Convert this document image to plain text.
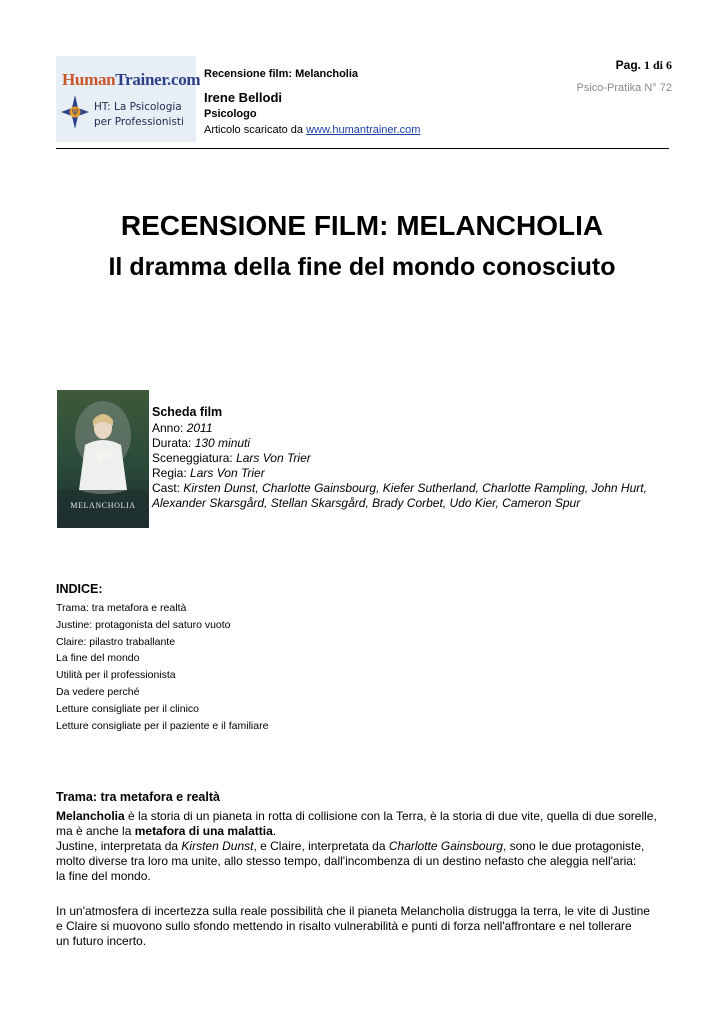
HumanTrainer.com
Ψ HT: La Psicologia
per Professionisti
Recensione film: Melancholia
Irene Bellodi
Psicologo
Articolo scaricato da www.humantrainer.com
Pag. 1 di 6
Psico-Pratika N° 72
RECENSIONE FILM: MELANCHOLIA
Il dramma della fine del mondo conosciuto
MELANCHOLIA
Scheda film
Anno: 2011
Durata: 130 minuti
Sceneggiatura: Lars Von Trier
Regia: Lars Von Trier
Cast: Kirsten Dunst, Charlotte Gainsbourg, Kiefer Sutherland, Charlotte Rampling, John Hurt,
Alexander Skarsgård, Stellan Skarsgård, Brady Corbet, Udo Kier, Cameron Spur
INDICE:
Trama: tra metafora e realtà
Justine: protagonista del saturo vuoto
Claire: pilastro traballante
La fine del mondo
Utilità per il professionista
Da vedere perché
Letture consigliate per il clinico
Letture consigliate per il paziente e il familiare
Trama: tra metafora e realtà
Melancholia è la storia di un pianeta in rotta di collisione con la Terra, è la storia di due vite, quella di due sorelle,
ma è anche la metafora di una malattia.
Justine, interpretata da Kirsten Dunst, e Claire, interpretata da Charlotte Gainsbourg, sono le due protagoniste,
molto diverse tra loro ma unite, allo stesso tempo, dall'incombenza di un destino nefasto che aleggia nell'aria:
la fine del mondo.
In un'atmosfera di incertezza sulla reale possibilità che il pianeta Melancholia distrugga la terra, le vite di Justine
e Claire si muovono sullo sfondo mettendo in risalto vulnerabilità e punti di forza nell'affrontare e nel tollerare
un futuro incerto.
